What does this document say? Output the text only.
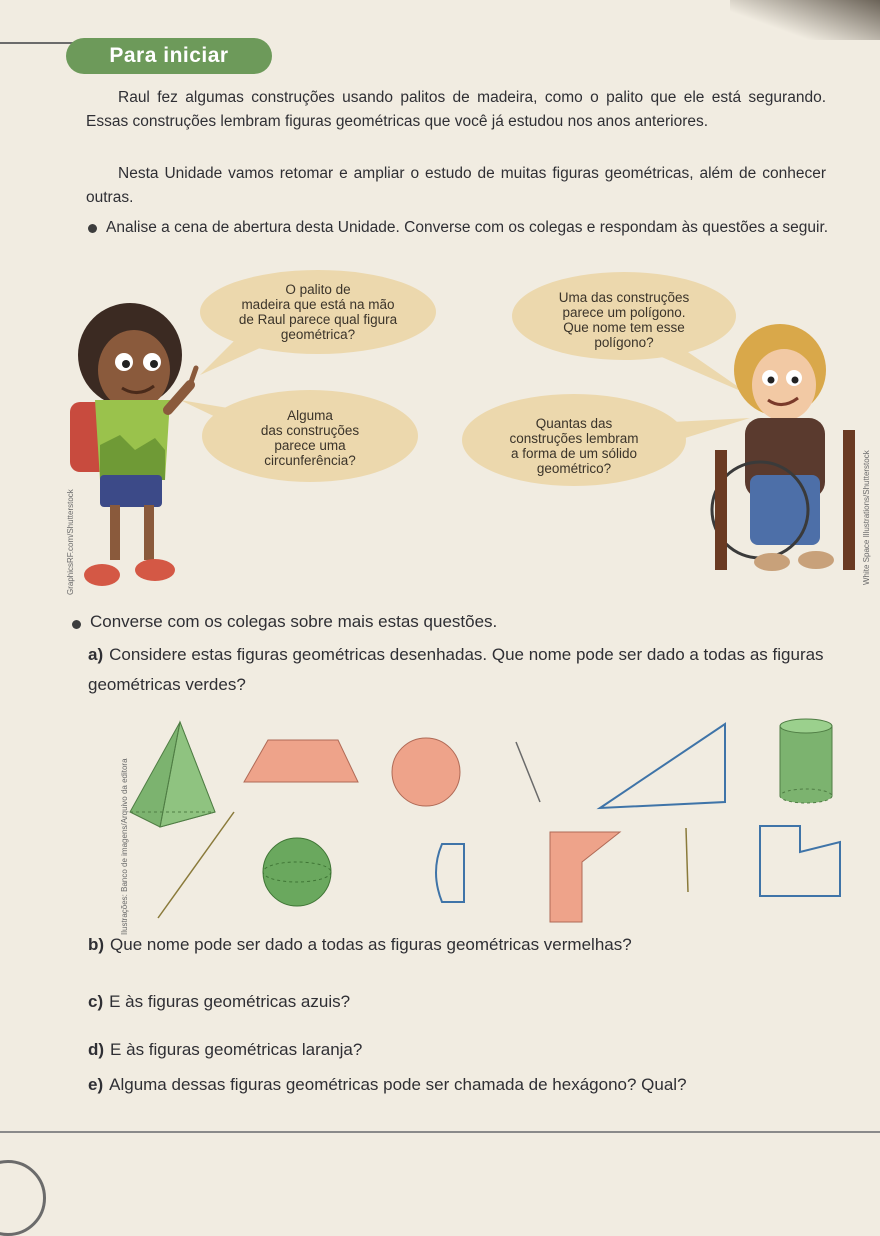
Para iniciar

Raul fez algumas construções usando palitos de madeira, como o palito que ele está segurando. Essas construções lembram figuras geométricas que você já estudou nos anos anteriores.

Nesta Unidade vamos retomar e ampliar o estudo de muitas figuras geométricas, além de conhecer outras.

Analise a cena de abertura desta Unidade. Converse com os colegas e respondam às questões a seguir.

O palito de
madeira que está na mão
de Raul parece qual figura
geométrica?
Uma das construções
parece um polígono.
Que nome tem esse
polígono?
Alguma
das construções
parece uma
circunferência?
Quantas das
construções lembram
a forma de um sólido
geométrico?
GraphicsRF.com/Shutterstock	White Space Illustrations/Shutterstock
Converse com os colegas sobre mais estas questões.
a) Considere estas figuras geométricas desenhadas. Que nome pode ser dado a todas as figuras geométricas verdes?
Ilustrações: Banco de imagens/Arquivo da editora
b) Que nome pode ser dado a todas as figuras geométricas vermelhas?
c) E às figuras geométricas azuis?
d) E às figuras geométricas laranja?
e) Alguma dessas figuras geométricas pode ser chamada de hexágono? Qual?
